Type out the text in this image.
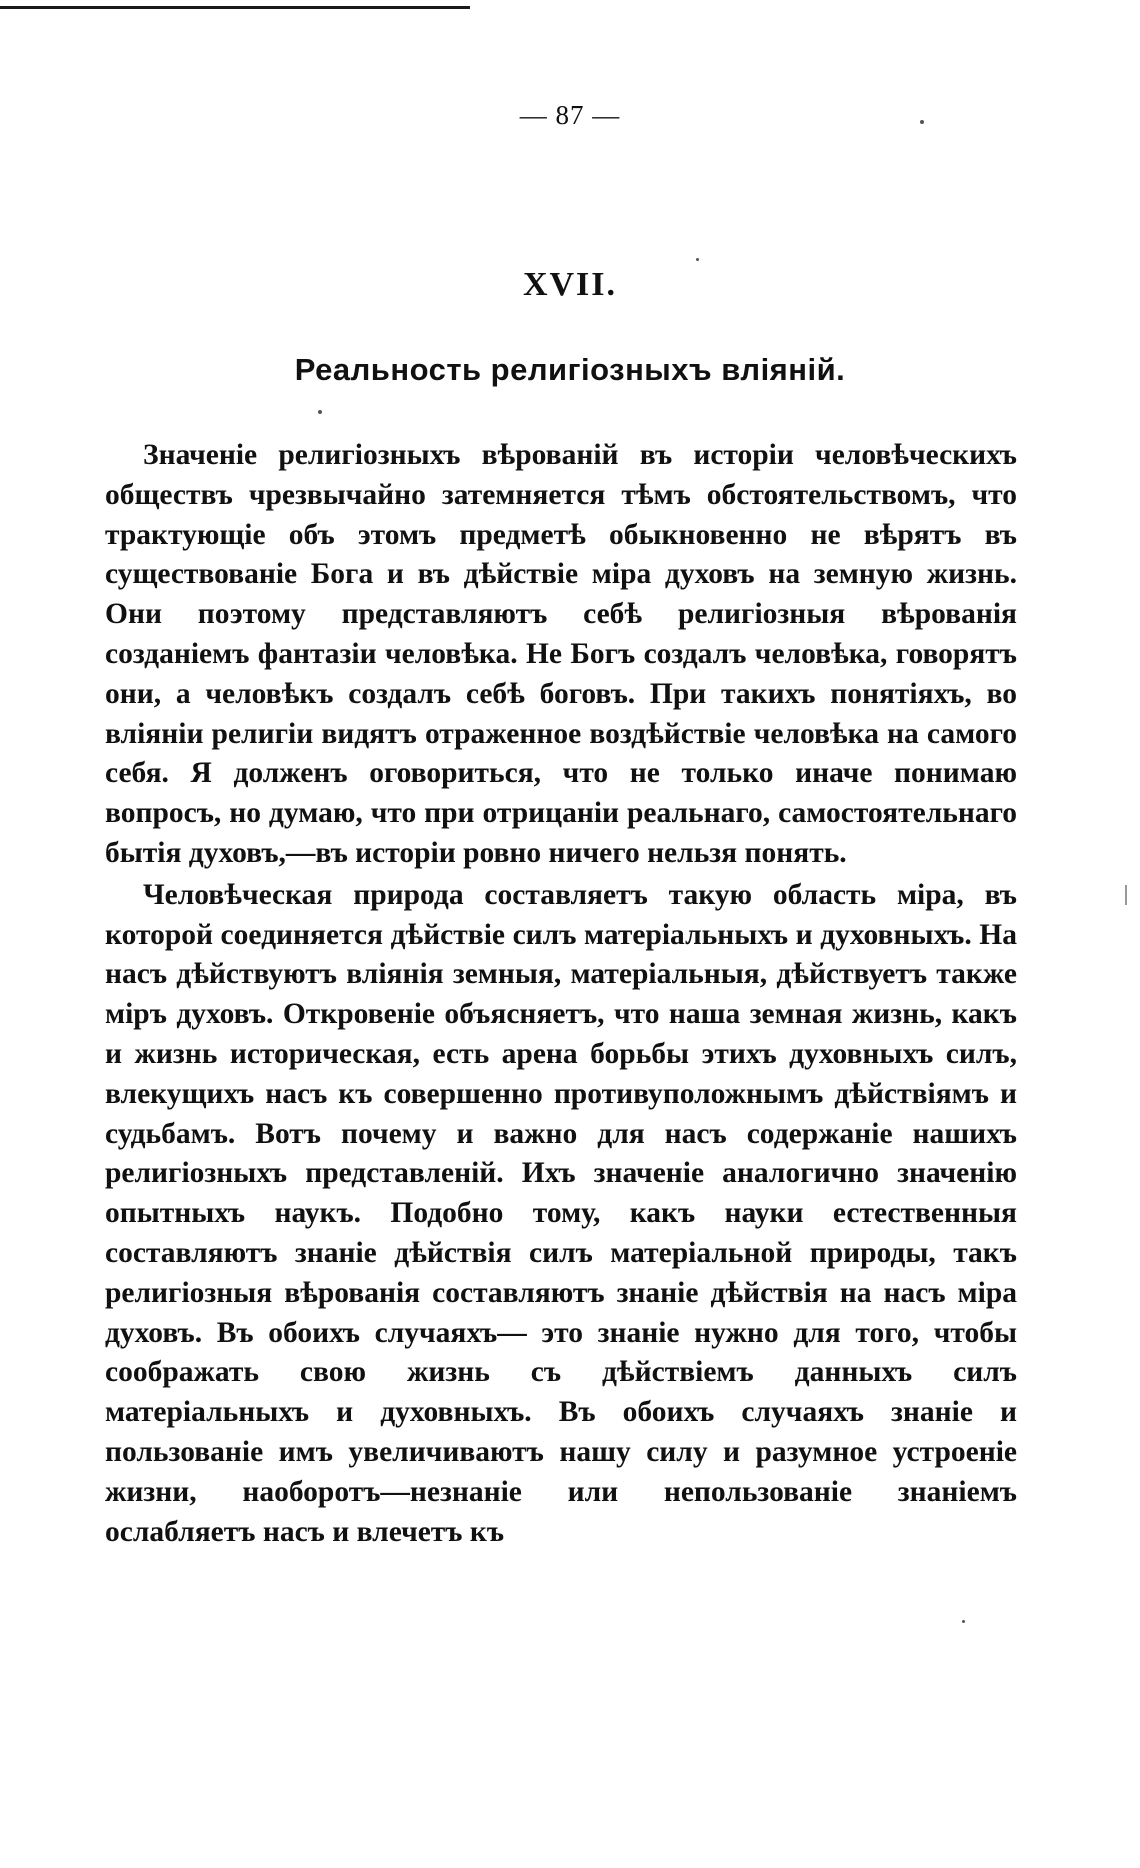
— 87 —
XVII.
Реальность религiозныхъ влiянiй.

Значенiе религiозныхъ вѣрованiй въ исторiи человѣческихъ обществъ чрезвычайно затемняется тѣмъ обстоятельствомъ, что трактующiе объ этомъ предметѣ обыкновенно не вѣрятъ въ существованiе Бога и въ дѣйствiе мiра духовъ на земную жизнь. Они поэтому представляютъ себѣ религiозныя вѣрованiя созданiемъ фантазiи человѣка. Не Богъ создалъ человѣка, говорятъ они, а человѣкъ создалъ себѣ боговъ. При такихъ понятiяхъ, во влiянiи религiи видятъ отраженное воздѣйствiе человѣка на самого себя. Я долженъ оговориться, что не только иначе понимаю вопросъ, но думаю, что при отрицанiи реальнаго, самостоятельнаго бытiя духовъ,—въ исторiи ровно ничего нельзя понять.

Человѣческая природа составляетъ такую область мiра, въ которой соединяется дѣйствiе силъ матерiальныхъ и духовныхъ. На насъ дѣйствуютъ влiянiя земныя, матерiальныя, дѣйствуетъ также мiръ духовъ. Откровенiе объясняетъ, что наша земная жизнь, какъ и жизнь историческая, есть арена борьбы этихъ духовныхъ силъ, влекущихъ насъ къ совершенно противуположнымъ дѣйствiямъ и судьбамъ. Вотъ почему и важно для насъ содержанiе нашихъ религiозныхъ представленiй. Ихъ значенiе аналогично значенiю опытныхъ наукъ. Подобно тому, какъ науки естественныя составляютъ знанiе дѣйствiя силъ матерiальной природы, такъ религiозныя вѣрованiя составляютъ знанiе дѣйствiя на насъ мiра духовъ. Въ обоихъ случаяхъ— это знанiе нужно для того, чтобы соображать свою жизнь съ дѣйствiемъ данныхъ силъ матерiальныхъ и духовныхъ. Въ обоихъ случаяхъ знанiе и пользованiе имъ увеличиваютъ нашу силу и разумное устроенiе жизни, наоборотъ—незнанiе или непользованiе знанiемъ ослабляетъ насъ и влечетъ къ
